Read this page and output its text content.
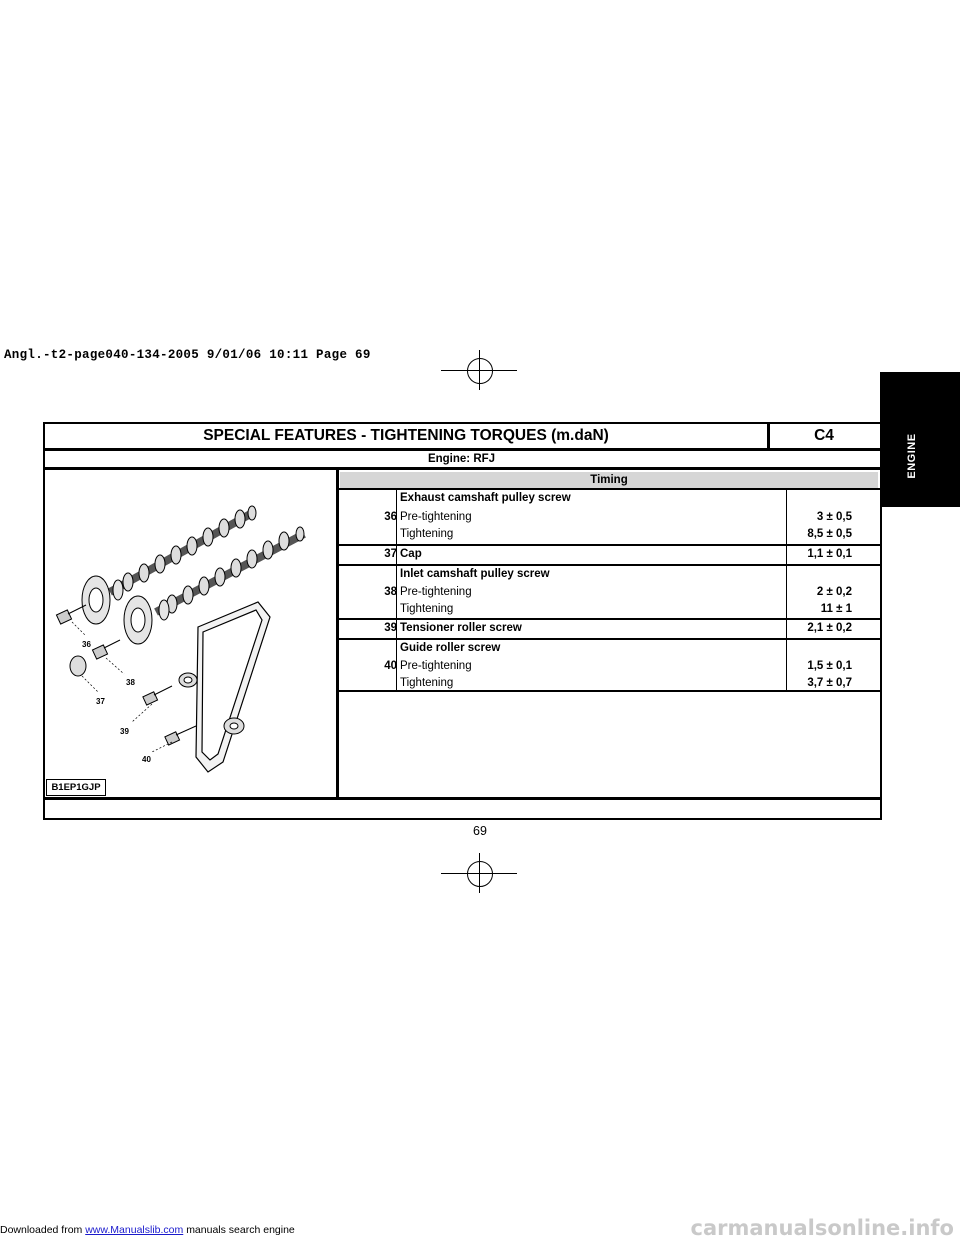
Angl.-t2-page040-134-2005 9/01/06 10:11 Page 69
ENGINE
SPECIAL FEATURES - TIGHTENING TORQUES (m.daN)	C4
Engine: RFJ
Timing
Exhaust camshaft pulley screw
36 Pre-tightening	3 ± 0,5
Tightening	8,5 ± 0,5
37 Cap	1,1 ± 0,1
Inlet camshaft pulley screw
38 Pre-tightening	2 ± 0,2
Tightening	11 ± 1
39 Tensioner roller screw	2,1 ± 0,2
Guide roller screw
40 Pre-tightening	1,5 ± 0,1
Tightening	3,7 ± 0,7
36
38
37
39
40
B1EP1GJP
69
Downloaded from www.Manualslib.com manuals search engine	carmanualsonline.info
